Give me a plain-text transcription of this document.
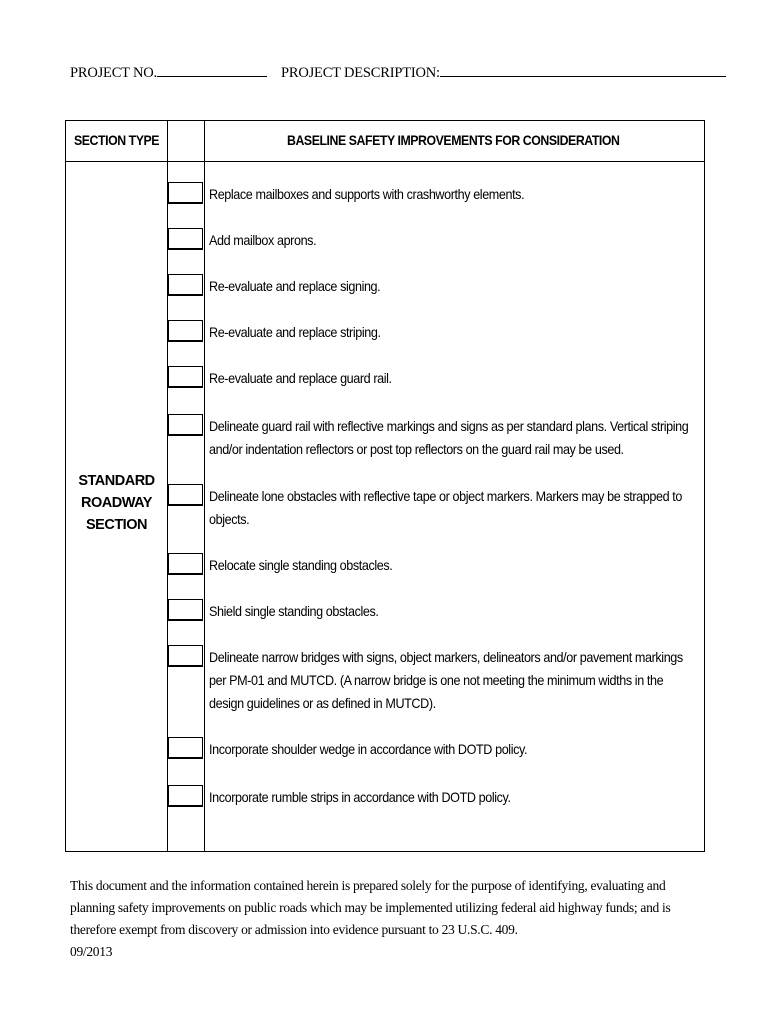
PROJECT NO.	PROJECT DESCRIPTION:
SECTION TYPE	BASELINE SAFETY IMPROVEMENTS FOR CONSIDERATION
STANDARD
ROADWAY
SECTION
Replace mailboxes and supports with crashworthy elements.
Add mailbox aprons.
Re-evaluate and replace signing.
Re-evaluate and replace striping.
Re-evaluate and replace guard rail.
Delineate guard rail with reflective markings and signs as per standard plans. Vertical striping and/or indentation reflectors or post top reflectors on the guard rail may be used.
Delineate lone obstacles with reflective tape or object markers. Markers may be strapped to objects.
Relocate single standing obstacles.
Shield single standing obstacles.
Delineate narrow bridges with signs, object markers, delineators and/or pavement markings per PM-01 and MUTCD. (A narrow bridge is one not meeting the minimum widths in the design guidelines or as defined in MUTCD).
Incorporate shoulder wedge in accordance with DOTD policy.
Incorporate rumble strips in accordance with DOTD policy.
This document and the information contained herein is prepared solely for the purpose of identifying, evaluating and planning safety improvements on public roads which may be implemented utilizing federal aid highway funds; and is therefore exempt from discovery or admission into evidence pursuant to 23 U.S.C. 409.
09/2013
